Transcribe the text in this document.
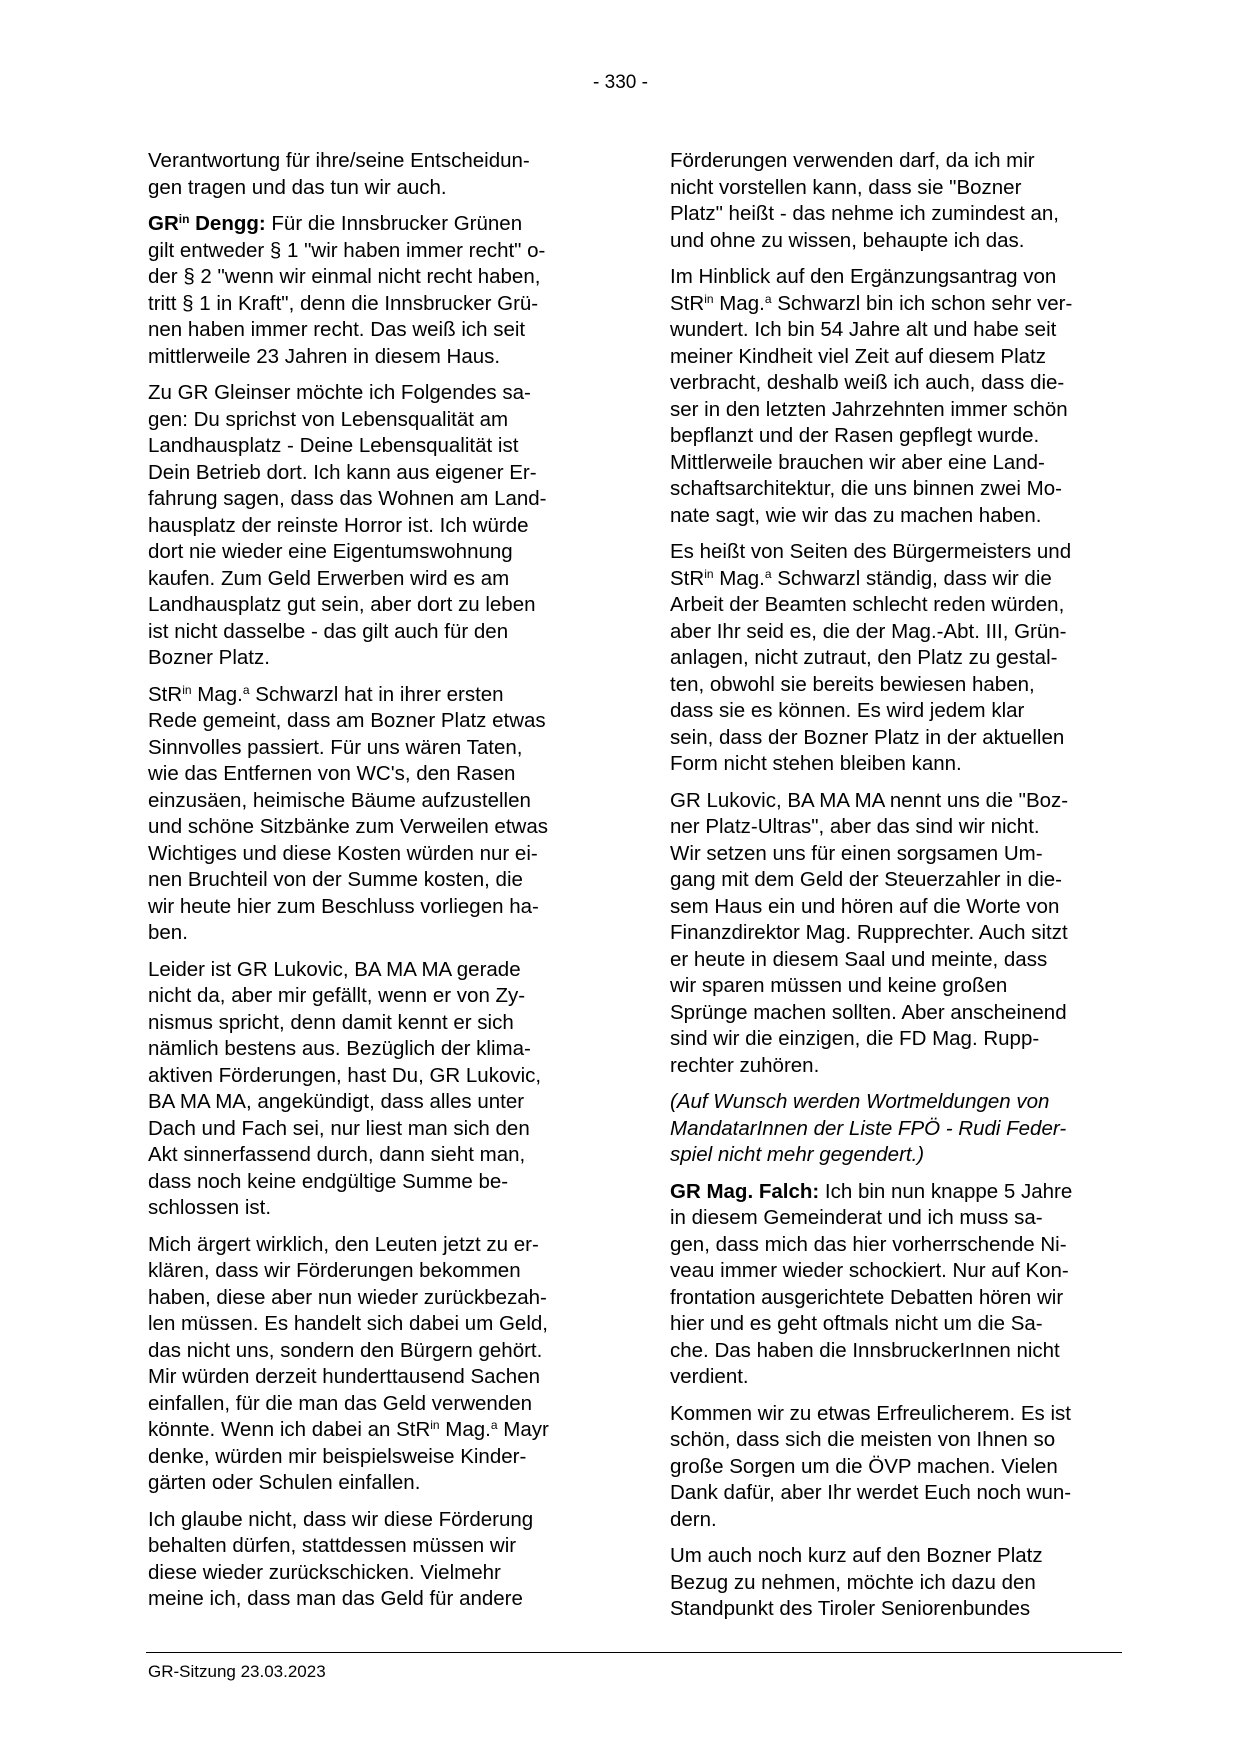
- 330 -

Verantwortung für ihre/seine Entscheidun-
gen tragen und das tun wir auch.

$GR^{in}$ Dengg: Für die Innsbrucker Grünen
gilt entweder § 1 "wir haben immer recht" o-
der § 2 "wenn wir einmal nicht recht haben,
tritt § 1 in Kraft", denn die Innsbrucker Grü-
nen haben immer recht. Das weiß ich seit
mittlerweile 23 Jahren in diesem Haus.

Zu GR Gleinser möchte ich Folgendes sa-
gen: Du sprichst von Lebensqualität am
Landhausplatz - Deine Lebensqualität ist
Dein Betrieb dort. Ich kann aus eigener Er-
fahrung sagen, dass das Wohnen am Land-
hausplatz der reinste Horror ist. Ich würde
dort nie wieder eine Eigentumswohnung
kaufen. Zum Geld Erwerben wird es am
Landhausplatz gut sein, aber dort zu leben
ist nicht dasselbe - das gilt auch für den
Bozner Platz.

StR$^{in}$ Mag.$^a$ Schwarzl hat in ihrer ersten
Rede gemeint, dass am Bozner Platz etwas
Sinnvolles passiert. Für uns wären Taten,
wie das Entfernen von WC's, den Rasen
einzusäen, heimische Bäume aufzustellen
und schöne Sitzbänke zum Verweilen etwas
Wichtiges und diese Kosten würden nur ei-
nen Bruchteil von der Summe kosten, die
wir heute hier zum Beschluss vorliegen ha-
ben.

Leider ist GR Lukovic, BA MA MA gerade
nicht da, aber mir gefällt, wenn er von Zy-
nismus spricht, denn damit kennt er sich
nämlich bestens aus. Bezüglich der klima-
aktiven Förderungen, hast Du, GR Lukovic,
BA MA MA, angekündigt, dass alles unter
Dach und Fach sei, nur liest man sich den
Akt sinnerfassend durch, dann sieht man,
dass noch keine endgültige Summe be-
schlossen ist.

Mich ärgert wirklich, den Leuten jetzt zu er-
klären, dass wir Förderungen bekommen
haben, diese aber nun wieder zurückbezah-
len müssen. Es handelt sich dabei um Geld,
das nicht uns, sondern den Bürgern gehört.
Mir würden derzeit hunderttausend Sachen
einfallen, für die man das Geld verwenden
könnte. Wenn ich dabei an StR$^{in}$ Mag.$^a$ Mayr
denke, würden mir beispielsweise Kinder-
gärten oder Schulen einfallen.

Ich glaube nicht, dass wir diese Förderung
behalten dürfen, stattdessen müssen wir
diese wieder zurückschicken. Vielmehr
meine ich, dass man das Geld für andere

Förderungen verwenden darf, da ich mir
nicht vorstellen kann, dass sie "Bozner
Platz" heißt - das nehme ich zumindest an,
und ohne zu wissen, behaupte ich das.

Im Hinblick auf den Ergänzungsantrag von
StR$^{in}$ Mag.$^a$ Schwarzl bin ich schon sehr ver-
wundert. Ich bin 54 Jahre alt und habe seit
meiner Kindheit viel Zeit auf diesem Platz
verbracht, deshalb weiß ich auch, dass die-
ser in den letzten Jahrzehnten immer schön
bepflanzt und der Rasen gepflegt wurde.
Mittlerweile brauchen wir aber eine Land-
schaftsarchitektur, die uns binnen zwei Mo-
nate sagt, wie wir das zu machen haben.

Es heißt von Seiten des Bürgermeisters und
StR$^{in}$ Mag.$^a$ Schwarzl ständig, dass wir die
Arbeit der Beamten schlecht reden würden,
aber Ihr seid es, die der Mag.-Abt. III, Grün-
anlagen, nicht zutraut, den Platz zu gestal-
ten, obwohl sie bereits bewiesen haben,
dass sie es können. Es wird jedem klar
sein, dass der Bozner Platz in der aktuellen
Form nicht stehen bleiben kann.

GR Lukovic, BA MA MA nennt uns die "Boz-
ner Platz-Ultras", aber das sind wir nicht.
Wir setzen uns für einen sorgsamen Um-
gang mit dem Geld der Steuerzahler in die-
sem Haus ein und hören auf die Worte von
Finanzdirektor Mag. Rupprechter. Auch sitzt
er heute in diesem Saal und meinte, dass
wir sparen müssen und keine großen
Sprünge machen sollten. Aber anscheinend
sind wir die einzigen, die FD Mag. Rupp-
rechter zuhören.

(Auf Wunsch werden Wortmeldungen von
MandatarInnen der Liste FPÖ - Rudi Feder-
spiel nicht mehr gegendert.)

GR Mag. Falch: Ich bin nun knappe 5 Jahre
in diesem Gemeinderat und ich muss sa-
gen, dass mich das hier vorherrschende Ni-
veau immer wieder schockiert. Nur auf Kon-
frontation ausgerichtete Debatten hören wir
hier und es geht oftmals nicht um die Sa-
che. Das haben die InnsbruckerInnen nicht
verdient.

Kommen wir zu etwas Erfreulicherem. Es ist
schön, dass sich die meisten von Ihnen so
große Sorgen um die ÖVP machen. Vielen
Dank dafür, aber Ihr werdet Euch noch wun-
dern.

Um auch noch kurz auf den Bozner Platz
Bezug zu nehmen, möchte ich dazu den
Standpunkt des Tiroler Seniorenbundes

GR-Sitzung 23.03.2023
